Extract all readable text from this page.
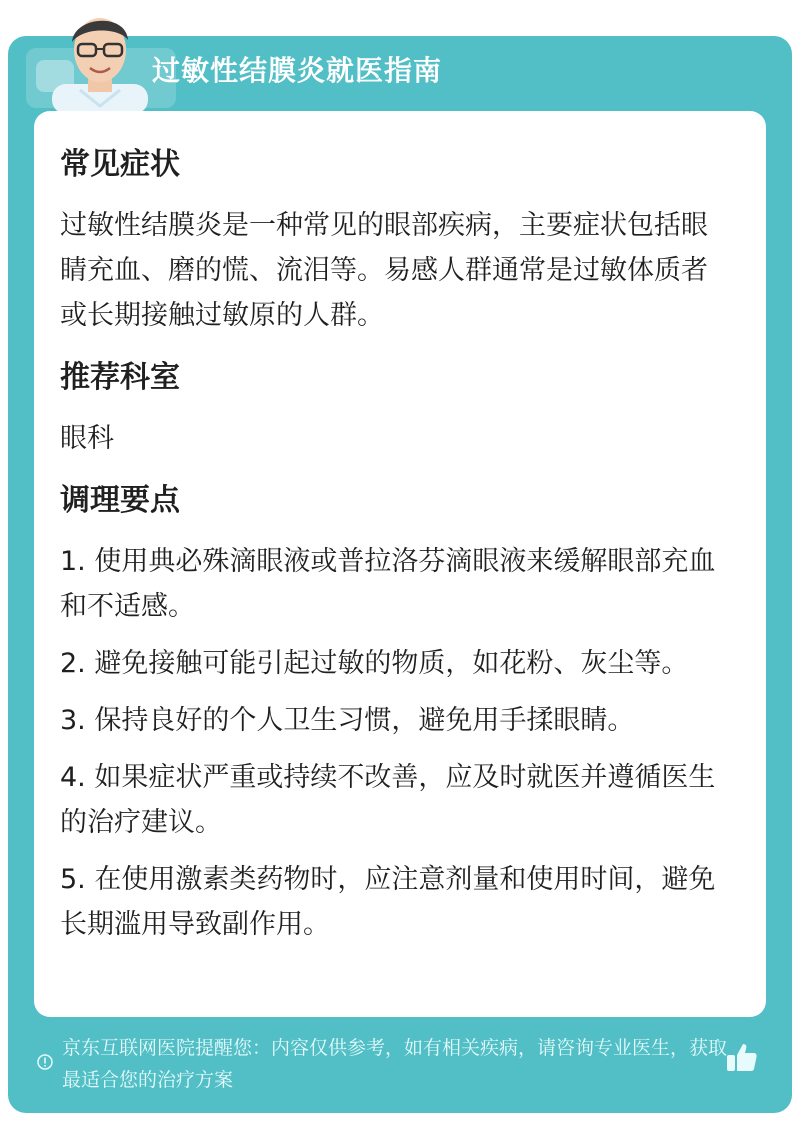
过敏性结膜炎就医指南
常见症状
过敏性结膜炎是一种常见的眼部疾病，主要症状包括眼睛充血、磨的慌、流泪等。易感人群通常是过敏体质者或长期接触过敏原的人群。
推荐科室
眼科
调理要点
1. 使用典必殊滴眼液或普拉洛芬滴眼液来缓解眼部充血和不适感。
2. 避免接触可能引起过敏的物质，如花粉、灰尘等。
3. 保持良好的个人卫生习惯，避免用手揉眼睛。
4. 如果症状严重或持续不改善，应及时就医并遵循医生的治疗建议。
5. 在使用激素类药物时，应注意剂量和使用时间，避免长期滥用导致副作用。
京东互联网医院提醒您：内容仅供参考，如有相关疾病，请咨询专业医生，获取最适合您的治疗方案
